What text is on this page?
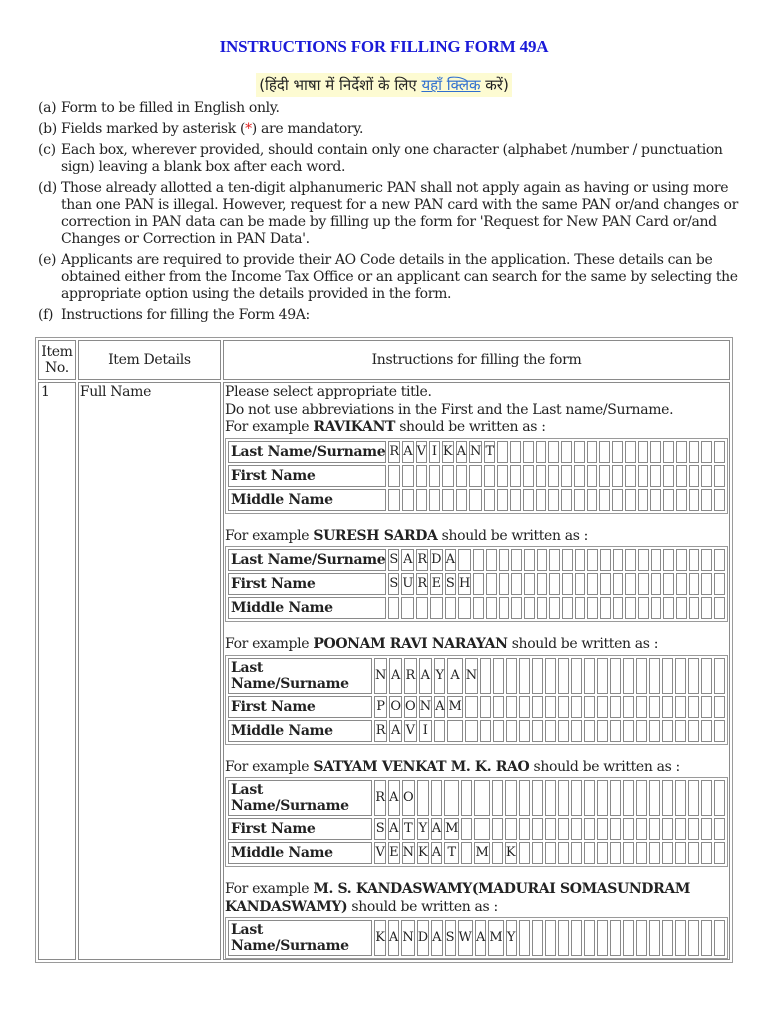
INSTRUCTIONS FOR FILLING FORM 49A
(हिंदी भाषा में निर्देशों के लिए यहाँ क्लिक करें)
(a) Form to be filled in English only.
(b) Fields marked by asterisk (*) are mandatory.
(c) Each box, wherever provided, should contain only one character (alphabet /number / punctuation sign) leaving a blank box after each word.
(d) Those already allotted a ten-digit alphanumeric PAN shall not apply again as having or using more than one PAN is illegal. However, request for a new PAN card with the same PAN or/and changes or correction in PAN data can be made by filling up the form for 'Request for New PAN Card or/and Changes or Correction in PAN Data'.
(e) Applicants are required to provide their AO Code details in the application. These details can be obtained either from the Income Tax Office or an applicant can search for the same by selecting the appropriate option using the details provided in the form.
(f) Instructions for filling the Form 49A:
Item No.	Item Details	Instructions for filling the form
1	Full Name	Please select appropriate title.
Do not use abbreviations in the First and the Last name/Surname.
For example RAVIKANT should be written as :
Last Name/Surname	R	A	V	I	K	A	N	T																		
First Name																										
Middle Name																										
For example SURESH SARDA should be written as :
Last Name/Surname	S	A	R	D	A																					
First Name	S	U	R	E	S	H																				
Middle Name																										
For example POONAM RAVI NARAYAN should be written as :
Last Name/Surname	N	A	R	A	Y	A	N																			
First Name	P	O	O	N	A	M																				
Middle Name	R	A	V	I																						
For example SATYAM VENKAT M. K. RAO should be written as :
Last Name/Surname	R	A	O																							
First Name	S	A	T	Y	A	M																				
Middle Name	V	E	N	K	A	T		M		K																
For example M. S. KANDASWAMY(MADURAI SOMASUNDRAM KANDASWAMY) should be written as :
Last Name/Surname	K	A	N	D	A	S	W	A	M	Y																
